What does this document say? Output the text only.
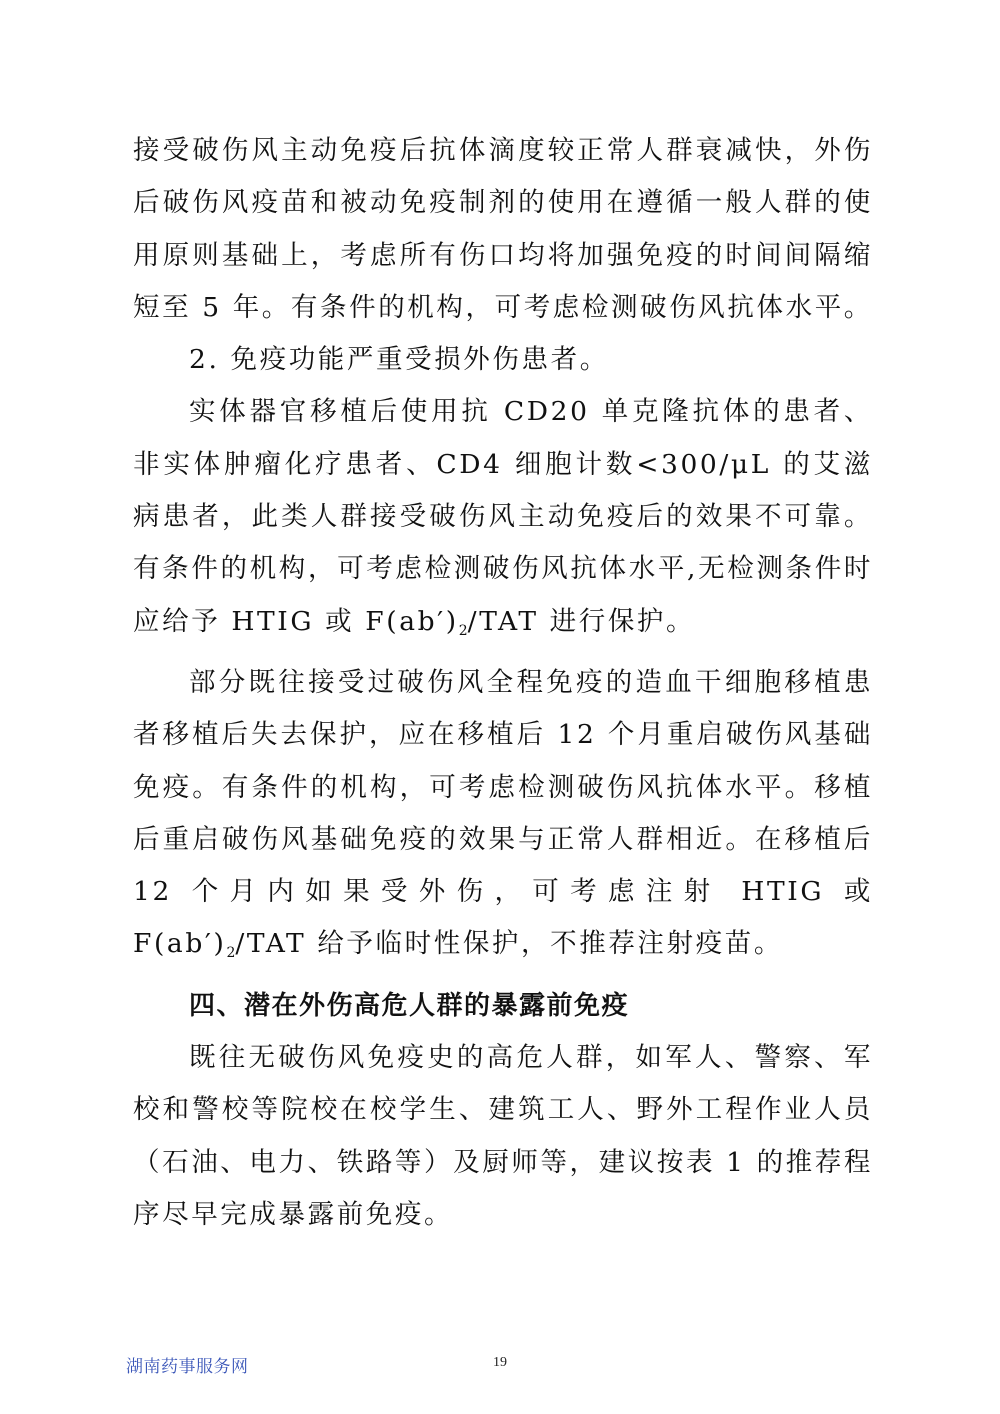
接受破伤风主动免疫后抗体滴度较正常人群衰减快，外伤后破伤风疫苗和被动免疫制剂的使用在遵循一般人群的使用原则基础上，考虑所有伤口均将加强免疫的时间间隔缩短至 5 年。有条件的机构，可考虑检测破伤风抗体水平。

2. 免疫功能严重受损外伤患者。

实体器官移植后使用抗 CD20 单克隆抗体的患者、非实体肿瘤化疗患者、CD4 细胞计数<300/μL 的艾滋病患者，此类人群接受破伤风主动免疫后的效果不可靠。有条件的机构，可考虑检测破伤风抗体水平,无检测条件时应给予 HTIG 或 $F(ab')_2$/TAT 进行保护。

部分既往接受过破伤风全程免疫的造血干细胞移植患者移植后失去保护，应在移植后 12 个月重启破伤风基础免疫。有条件的机构，可考虑检测破伤风抗体水平。移植后重启破伤风基础免疫的效果与正常人群相近。在移植后 12 个月内如果受外伤，可考虑注射 HTIG 或 $F(ab')_2$/TAT 给予临时性保护，不推荐注射疫苗。

四、潜在外伤高危人群的暴露前免疫

既往无破伤风免疫史的高危人群，如军人、警察、军校和警校等院校在校学生、建筑工人、野外工程作业人员（石油、电力、铁路等）及厨师等，建议按表 1 的推荐程序尽早完成暴露前免疫。

湖南药事服务网	19
